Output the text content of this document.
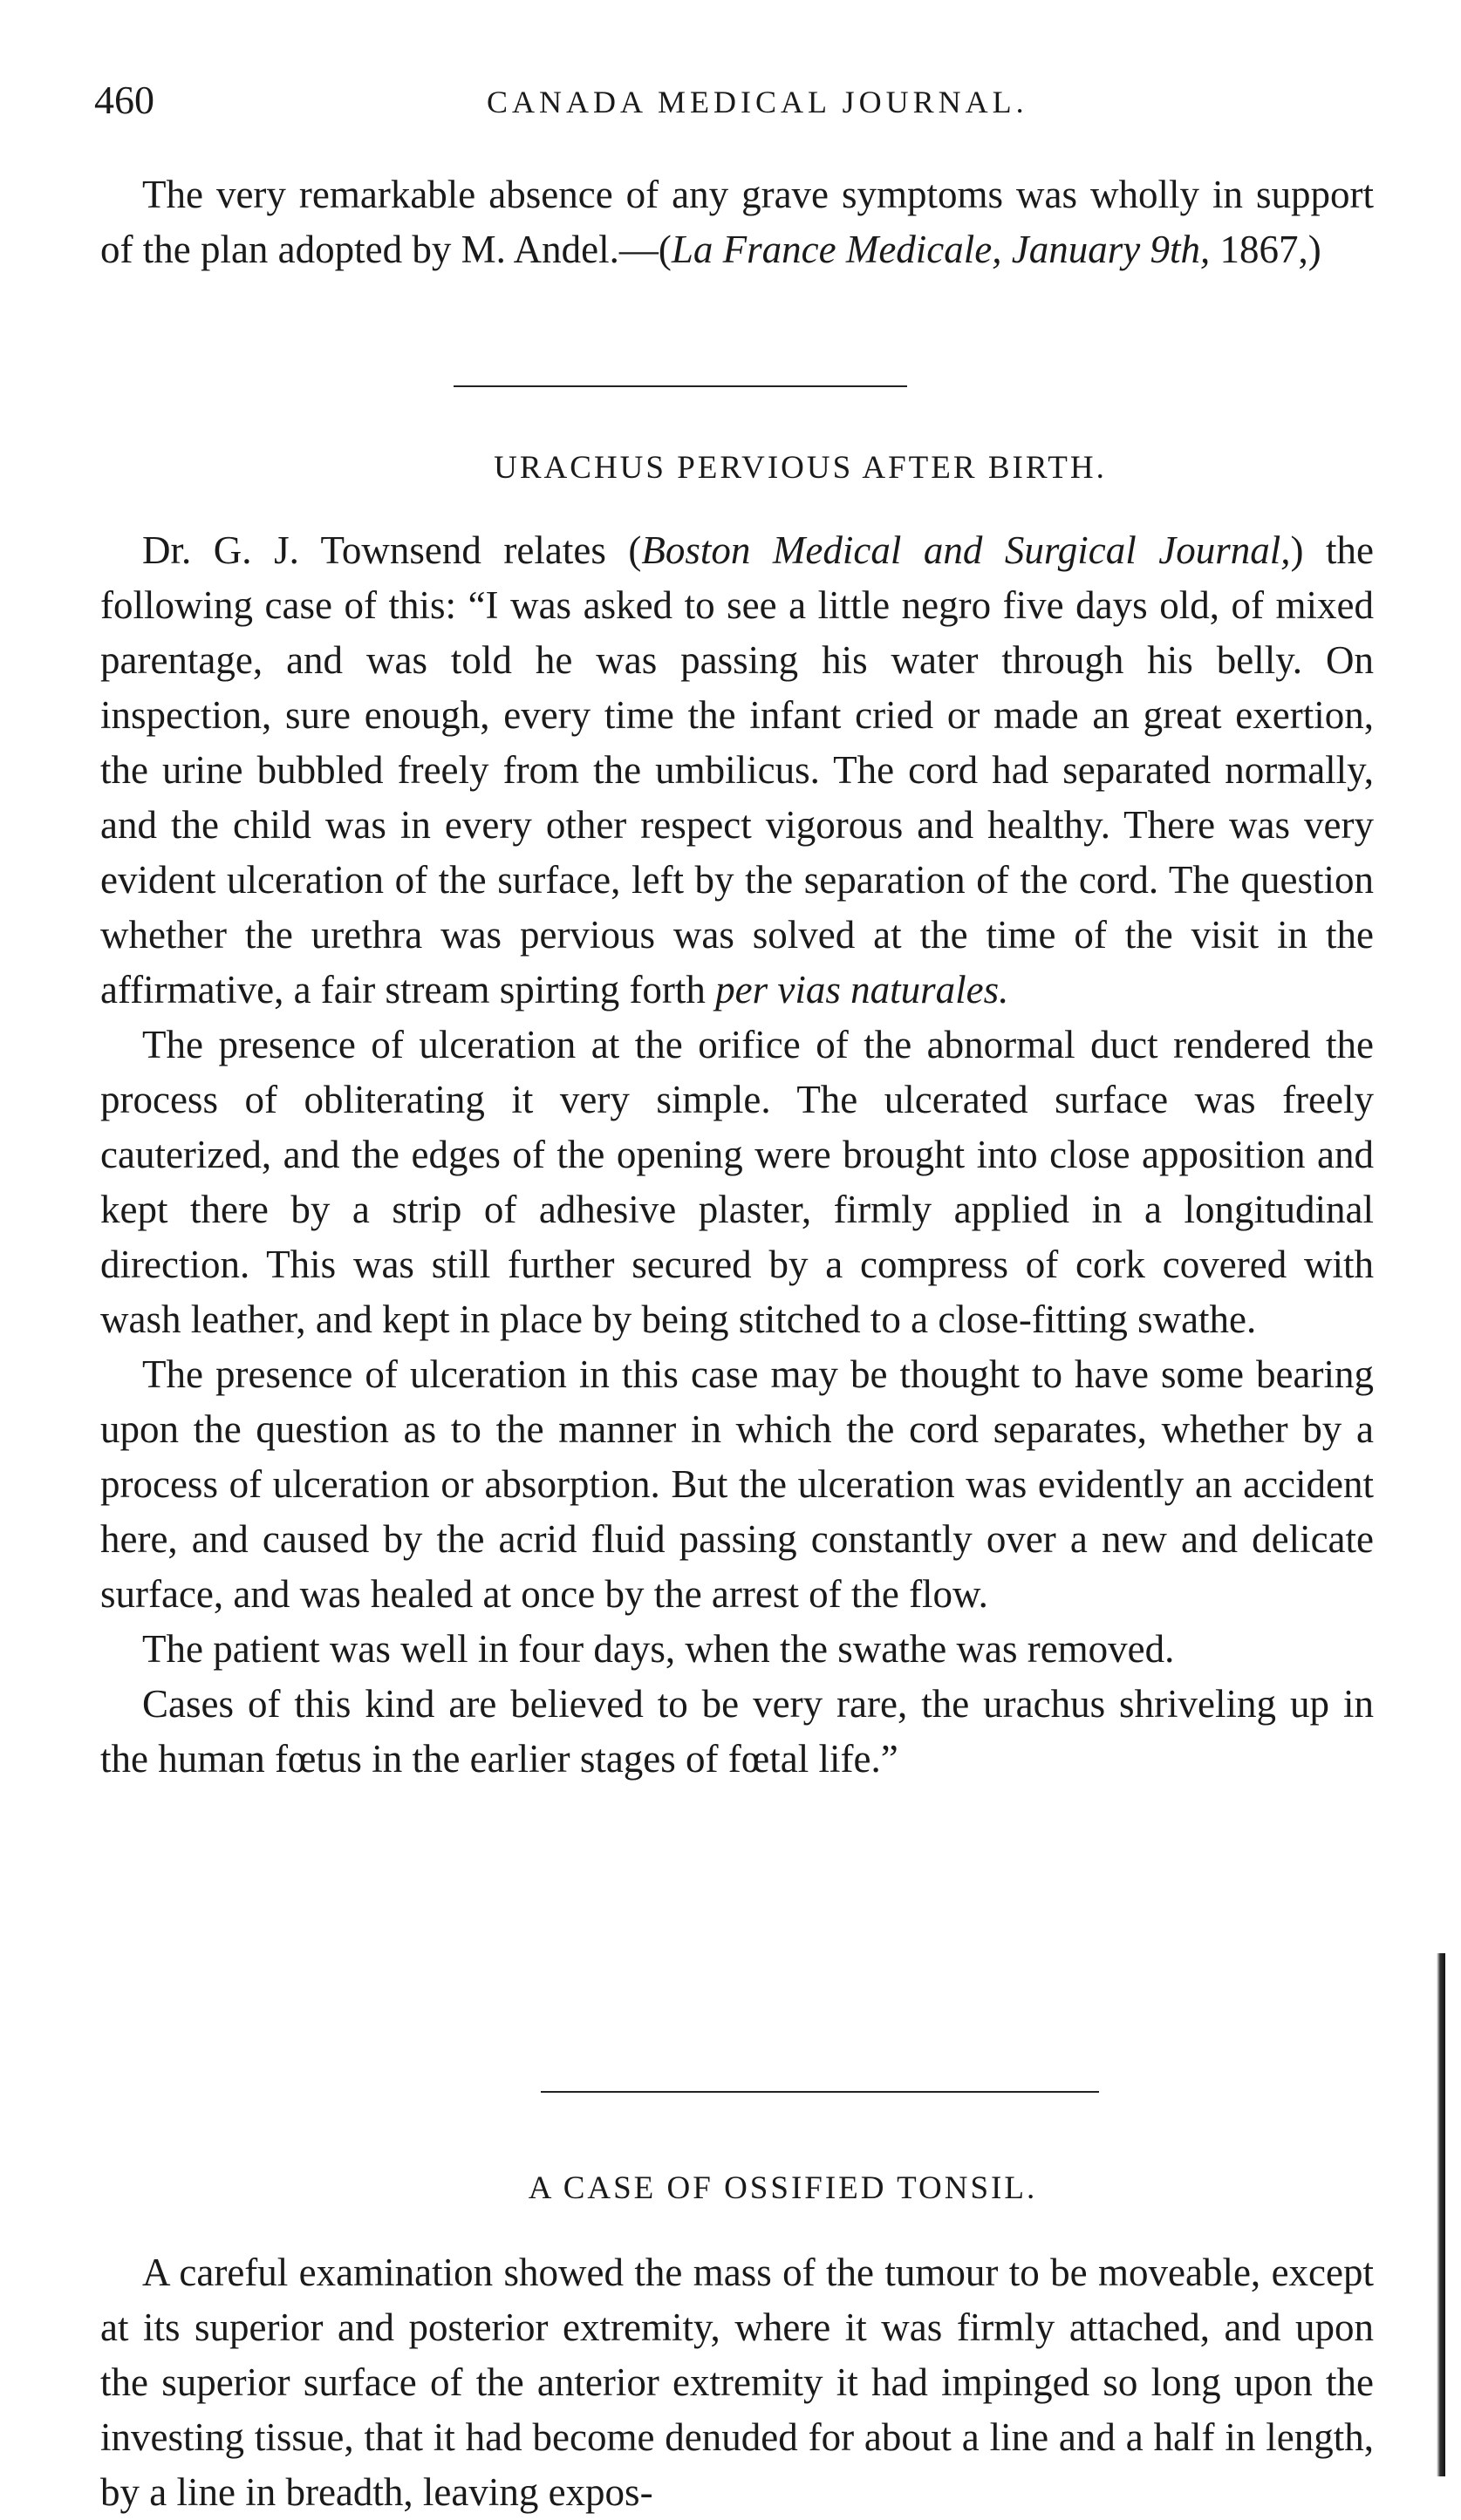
460	CANADA MEDICAL JOURNAL.

The very remarkable absence of any grave symptoms was wholly in support of the plan adopted by M. Andel.—(La France Medicale, January 9th, 1867,)

URACHUS PERVIOUS AFTER BIRTH.

Dr. G. J. Townsend relates (Boston Medical and Surgical Journal,) the following case of this: “I was asked to see a little negro five days old, of mixed parentage, and was told he was passing his water through his belly. On inspection, sure enough, every time the infant cried or made an great exertion, the urine bubbled freely from the umbilicus. The cord had separated normally, and the child was in every other respect vigorous and healthy. There was very evident ulceration of the surface, left by the separation of the cord. The question whether the urethra was pervious was solved at the time of the visit in the affirmative, a fair stream spirting forth per vias naturales.

The presence of ulceration at the orifice of the abnormal duct rendered the process of obliterating it very simple. The ulcerated surface was freely cauterized, and the edges of the opening were brought into close apposition and kept there by a strip of adhesive plaster, firmly applied in a longitudinal direction. This was still further secured by a compress of cork covered with wash leather, and kept in place by being stitched to a close-fitting swathe.

The presence of ulceration in this case may be thought to have some bearing upon the question as to the manner in which the cord separates, whether by a process of ulceration or absorption. But the ulceration was evidently an accident here, and caused by the acrid fluid passing constantly over a new and delicate surface, and was healed at once by the arrest of the flow.

The patient was well in four days, when the swathe was removed.

Cases of this kind are believed to be very rare, the urachus shriveling up in the human fœtus in the earlier stages of fœtal life.”

A CASE OF OSSIFIED TONSIL.

A careful examination showed the mass of the tumour to be moveable, except at its superior and posterior extremity, where it was firmly attached, and upon the superior surface of the anterior extremity it had impinged so long upon the investing tissue, that it had become denuded for about a line and a half in length, by a line in breadth, leaving expos-
